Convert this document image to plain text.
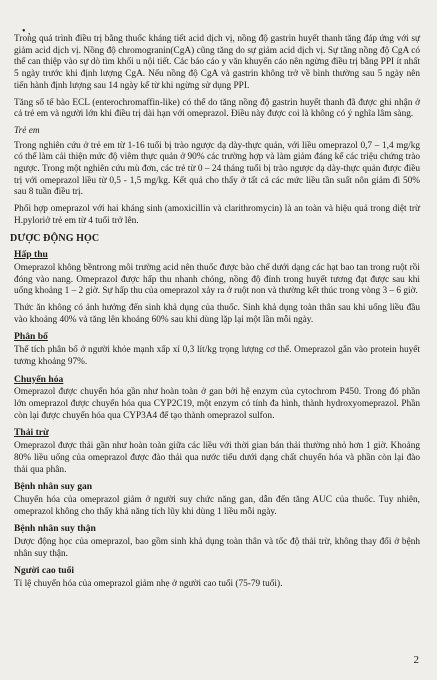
• ,

Trong quá trình điều trị bằng thuốc kháng tiết acid dịch vị, nồng độ gastrin huyết thanh tăng đáp ứng với sự giảm acid dịch vị. Nồng độ chromogranin(CgA) cũng tăng do sự giảm acid dịch vị. Sự tăng nồng độ CgA có thể can thiệp vào sự dò tìm khối u nội tiết. Các báo cáo y văn khuyến cáo nên ngừng điều trị bằng PPI ít nhất 5 ngày trước khi định lượng CgA. Nếu nồng độ CgA và gastrin không trở về bình thường sau 5 ngày nên tiến hành định lượng sau 14 ngày kể từ khi ngừng sử dụng PPI.

Tăng số tế bào ECL (enterochromaffin-like) có thể do tăng nồng độ gastrin huyết thanh đã được ghi nhận ở cả trẻ em và người lớn khi điều trị dài hạn với omeprazol. Điều này được coi là không có ý nghĩa lâm sàng.

Trẻ em

Trong nghiên cứu ở trẻ em từ 1-16 tuổi bị trào ngược dạ dày-thực quản, với liều omeprazol 0,7 – 1,4 mg/kg có thể làm cải thiện mức độ viêm thực quản ở 90% các trường hợp và làm giảm đáng kể các triệu chứng trào ngược. Trong một nghiên cứu mù đơn, các trẻ từ 0 – 24 tháng tuổi bị trào ngược dạ dày-thực quản được điều trị với omeprazol liều từ 0,5 - 1,5 mg/kg. Kết quả cho thấy ở tất cả các mức liều tần suất nôn giảm đi 50% sau 8 tuần điều trị.

Phối hợp omeprazol với hai kháng sinh (amoxicillin và clarithromycin) là an toàn và hiệu quả trong diệt trừ H.pyloriở trẻ em từ 4 tuổi trở lên.

DƯỢC ĐỘNG HỌC
Hấp thu

Omeprazol không bềntrong môi trường acid nên thuốc được bào chế dưới dạng các hạt bao tan trong ruột rồi đóng vào nang. Omeprazol được hấp thu nhanh chóng, nồng độ đỉnh trong huyết tương đạt được sau khi uống khoảng 1 – 2 giờ. Sự hấp thu của omeprazol xảy ra ở ruột non và thường kết thúc trong vòng 3 – 6 giờ.

Thức ăn không có ảnh hưởng đến sinh khả dụng của thuốc. Sinh khả dụng toàn thân sau khi uống liều đầu vào khoảng 40% và tăng lên khoảng 60% sau khi dùng lặp lại một lần mỗi ngày.

Phân bố

Thể tích phân bố ở người khỏe mạnh xấp xỉ 0,3 lít/kg trọng lượng cơ thể. Omeprazol gắn vào protein huyết tương khoảng 97%.

Chuyển hóa

Omeprazol được chuyển hóa gần như hoàn toàn ở gan bởi hệ enzym của cytochrom P450. Trong đó phần lớn omeprazol được chuyển hóa qua CYP2C19, một enzym có tính đa hình, thành hydroxyomeprazol. Phần còn lại được chuyển hóa qua CYP3A4 để tạo thành omeprazol sulfon.

Thải trừ

Omeprazol được thải gần như hoàn toàn giữa các liều với thời gian bán thải thường nhỏ hơn 1 giờ. Khoảng 80% liều uống của omeprazol được đào thải qua nước tiểu dưới dạng chất chuyển hóa và phần còn lại đào thải qua phân.

Bệnh nhân suy gan

Chuyển hóa của omeprazol giảm ở người suy chức năng gan, dẫn đến tăng AUC của thuốc. Tuy nhiên, omeprazol không cho thấy khả năng tích lũy khi dùng 1 liều mỗi ngày.

Bệnh nhân suy thận

Dược động học của omeprazol, bao gồm sinh khả dụng toàn thân và tốc độ thải trừ, không thay đổi ở bệnh nhân suy thận.

Người cao tuổi

Tỉ lệ chuyển hóa của omeprazol giảm nhẹ ở người cao tuổi (75-79 tuổi).

2
